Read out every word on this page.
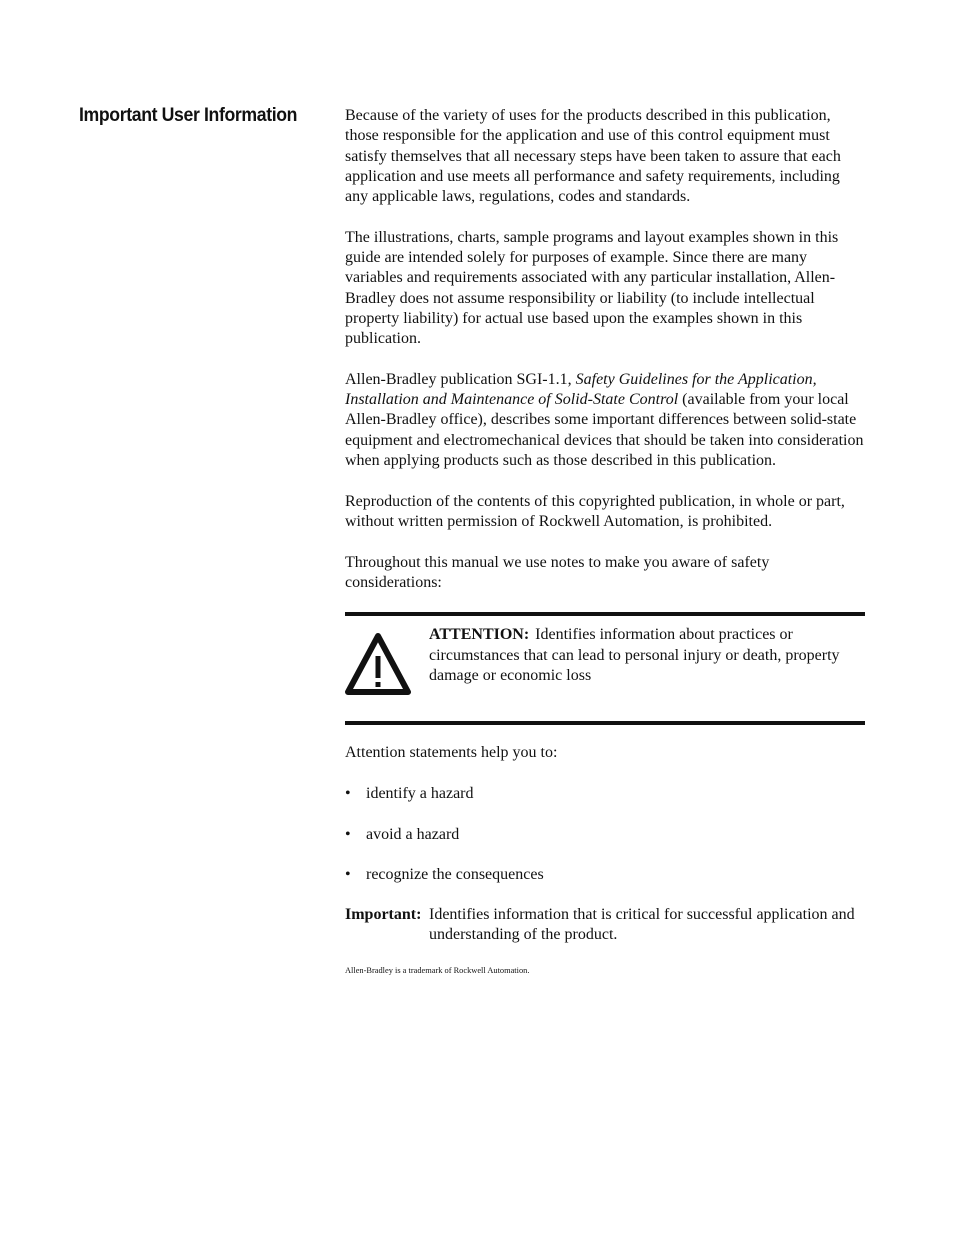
Important User Information	Because of the variety of uses for the products described in this publication, those responsible for the application and use of this control equipment must satisfy themselves that all necessary steps have been taken to assure that each application and use meets all performance and safety requirements, including any applicable laws, regulations, codes and standards.

The illustrations, charts, sample programs and layout examples shown in this guide are intended solely for purposes of example. Since there are many variables and requirements associated with any particular installation, Allen-Bradley does not assume responsibility or liability (to include intellectual property liability) for actual use based upon the examples shown in this publication.

Allen-Bradley publication SGI-1.1, Safety Guidelines for the Application, Installation and Maintenance of Solid-State Control (available from your local Allen-Bradley office), describes some important differences between solid-state equipment and electromechanical devices that should be taken into consideration when applying products such as those described in this publication.

Reproduction of the contents of this copyrighted publication, in whole or part, without written permission of Rockwell Automation, is prohibited.

Throughout this manual we use notes to make you aware of safety considerations:

ATTENTION: Identifies information about practices or circumstances that can lead to personal injury or death, property damage or economic loss

Attention statements help you to:

• identify a hazard
• avoid a hazard
• recognize the consequences
Important: Identifies information that is critical for successful application and understanding of the product.
Allen-Bradley is a trademark of Rockwell Automation.
